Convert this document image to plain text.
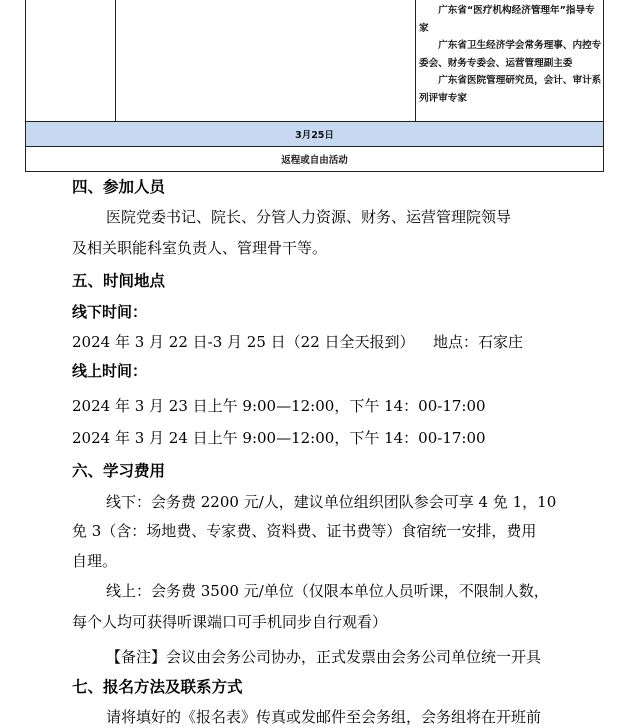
广东省“医疗机构经济管理年”指导专家

广东省卫生经济学会常务理事、内控专委会、财务专委会、运营管理副主委

广东省医院管理研究员，会计、审计系列评审专家

3月25日
返程或自由活动
四、参加人员
医院党委书记、院长、分管人力资源、财务、运营管理院领导
及相关职能科室负责人、管理骨干等。
五、时间地点
线下时间：
2024 年 3 月 22 日-3 月 25 日（22 日全天报到） 地点：石家庄
线上时间：
2024 年 3 月 23 日上午 9:00—12:00，下午 14：00-17:00
2024 年 3 月 24 日上午 9:00—12:00，下午 14：00-17:00
六、学习费用
线下：会务费 2200 元/人，建议单位组织团队参会可享 4 免 1，10
免 3（含：场地费、专家费、资料费、证书费等）食宿统一安排，费用
自理。
线上：会务费 3500 元/单位（仅限本单位人员听课，不限制人数，
每个人均可获得听课端口可手机同步自行观看）
【备注】会议由会务公司协办，正式发票由会务公司单位统一开具
七、报名方法及联系方式
请将填好的《报名表》传真或发邮件至会务组，会务组将在开班前
